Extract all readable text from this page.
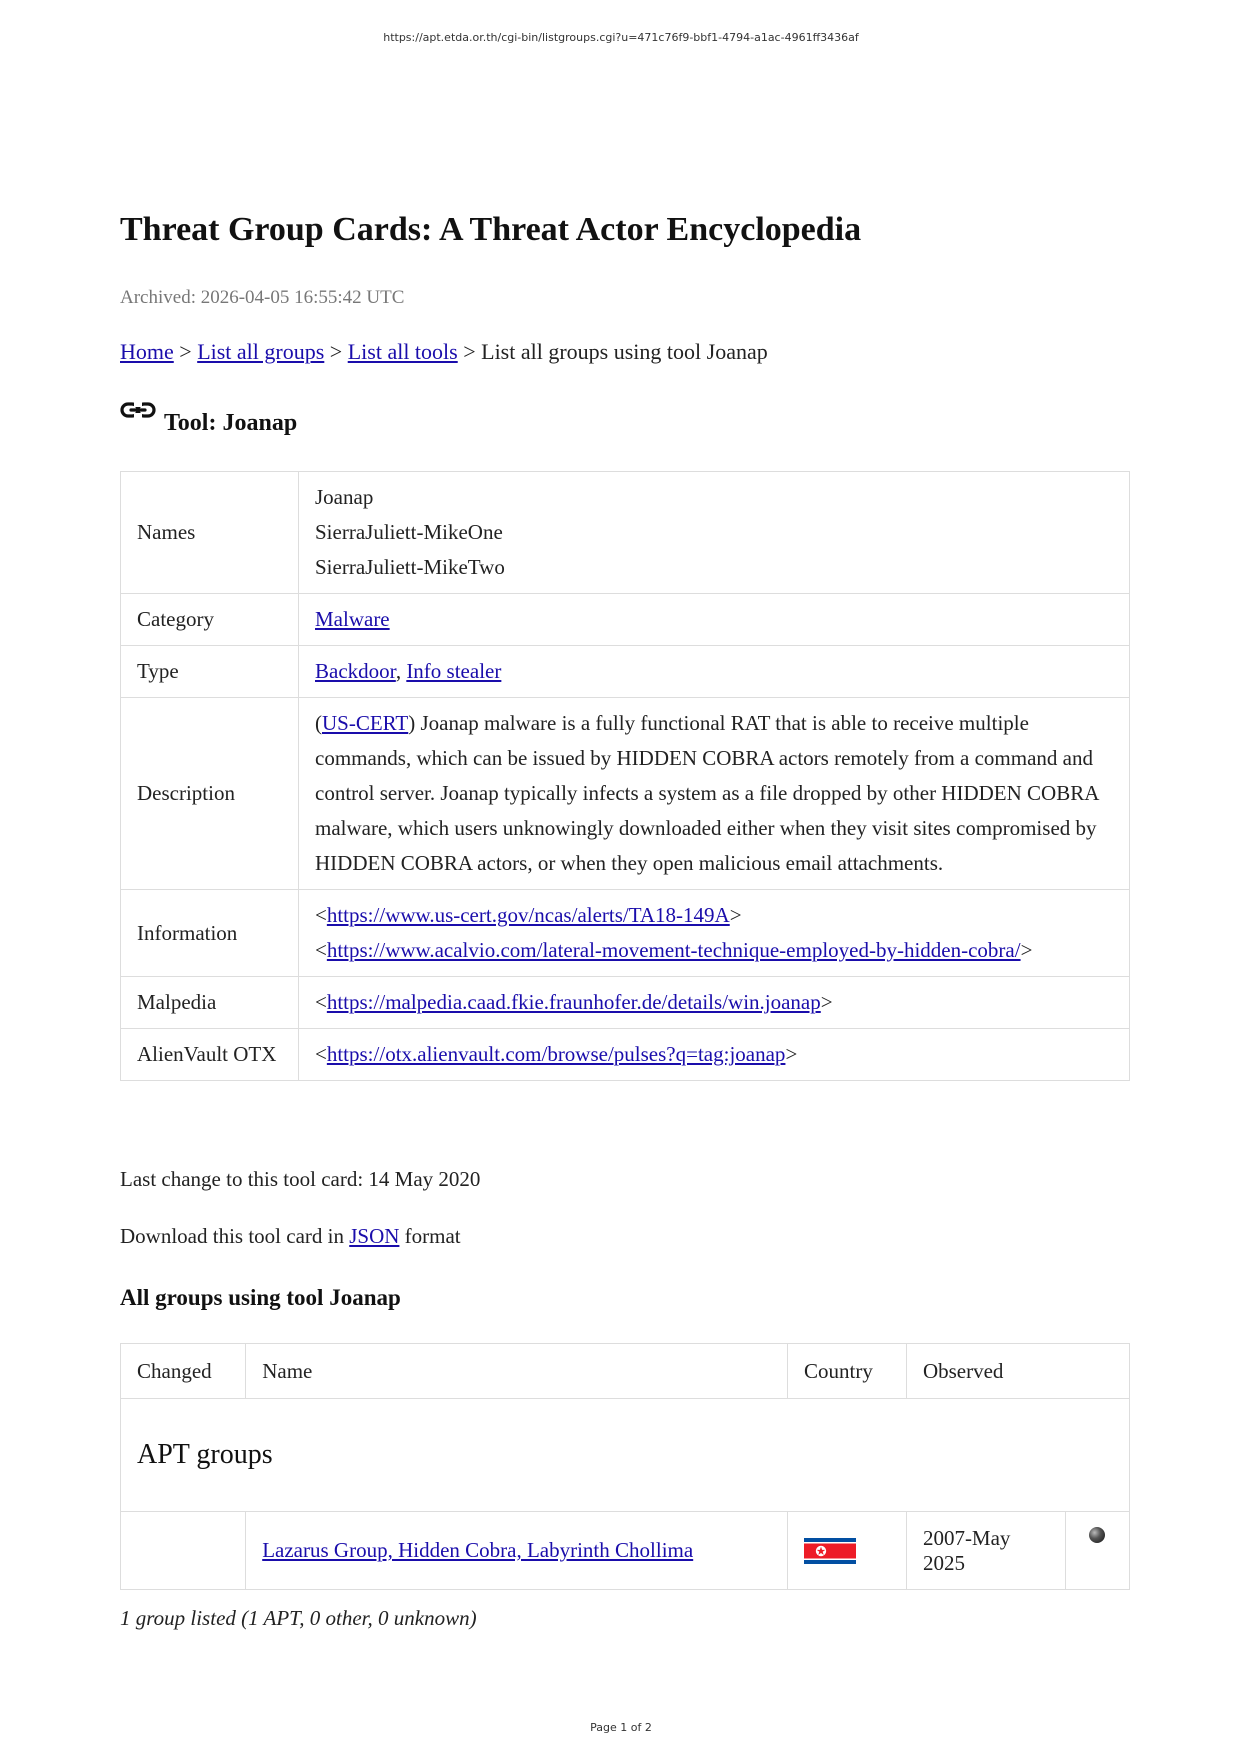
https://apt.etda.or.th/cgi-bin/listgroups.cgi?u=471c76f9-bbf1-4794-a1ac-4961ff3436af
Threat Group Cards: A Threat Actor Encyclopedia
Archived: 2026-04-05 16:55:42 UTC
Home > List all groups > List all tools > List all groups using tool Joanap
Tool: Joanap
Names	Joanap
SierraJuliett-MikeOne
SierraJuliett-MikeTwo

Category	Malware
Type	Backdoor, Info stealer
Description	(US-CERT) Joanap malware is a fully functional RAT that is able to receive multiple commands, which can be issued by HIDDEN COBRA actors remotely from a command and control server. Joanap typically infects a system as a file dropped by other HIDDEN COBRA malware, which users unknowingly downloaded either when they visit sites compromised by HIDDEN COBRA actors, or when they open malicious email attachments.
Information	<https://www.us-cert.gov/ncas/alerts/TA18-149A>
<https://www.acalvio.com/lateral-movement-technique-employed-by-hidden-cobra/>

Malpedia	<https://malpedia.caad.fkie.fraunhofer.de/details/win.joanap>
AlienVault OTX	<https://otx.alienvault.com/browse/pulses?q=tag:joanap>
Last change to this tool card: 14 May 2020
Download this tool card in JSON format
All groups using tool Joanap
Changed	Name	Country	Observed	
APT groups				
	Lazarus Group, Hidden Cobra, Labyrinth Chollima		2007-May 2025	
1 group listed (1 APT, 0 other, 0 unknown)
Page 1 of 2
